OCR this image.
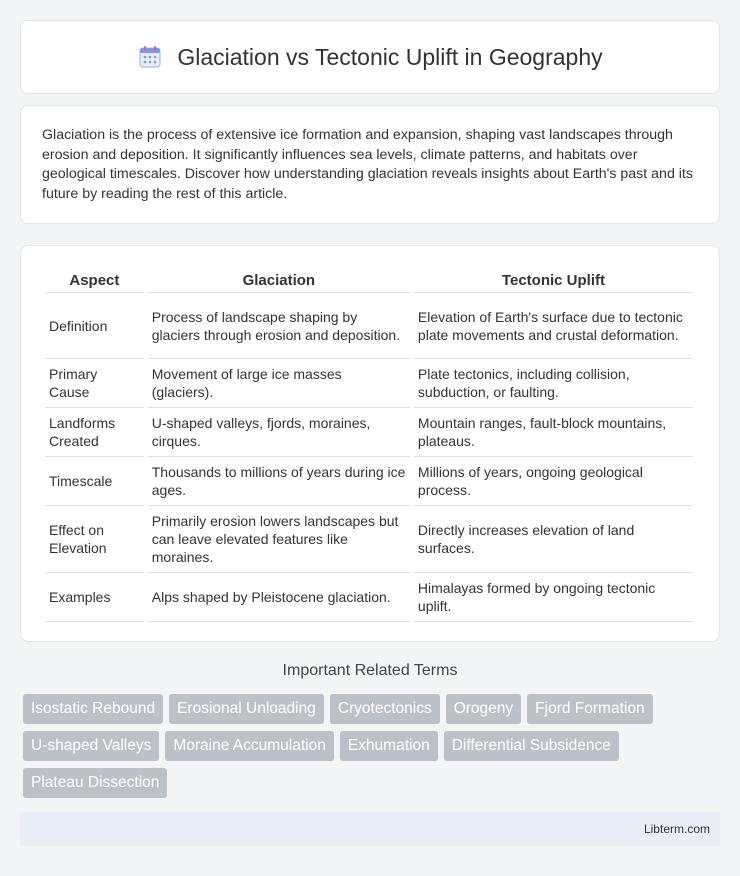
Glaciation vs Tectonic Uplift in Geography

Glaciation is the process of extensive ice formation and expansion, shaping vast landscapes through erosion and deposition. It significantly influences sea levels, climate patterns, and habitats over geological timescales. Discover how understanding glaciation reveals insights about Earth's past and its future by reading the rest of this article.

Aspect	Glaciation	Tectonic Uplift
Definition	Process of landscape shaping by glaciers through erosion and deposition.	Elevation of Earth's surface due to tectonic plate movements and crustal deformation.
Primary Cause	Movement of large ice masses (glaciers).	Plate tectonics, including collision, subduction, or faulting.
Landforms Created	U-shaped valleys, fjords, moraines, cirques.	Mountain ranges, fault-block mountains, plateaus.
Timescale	Thousands to millions of years during ice ages.	Millions of years, ongoing geological process.
Effect on Elevation	Primarily erosion lowers landscapes but can leave elevated features like moraines.	Directly increases elevation of land surfaces.
Examples	Alps shaped by Pleistocene glaciation.	Himalayas formed by ongoing tectonic uplift.
Important Related Terms
Isostatic Rebound	Erosional Unloading	Cryotectonics	Orogeny	Fjord Formation
U-shaped Valleys	Moraine Accumulation	Exhumation	Differential Subsidence
Plateau Dissection
Libterm.com
